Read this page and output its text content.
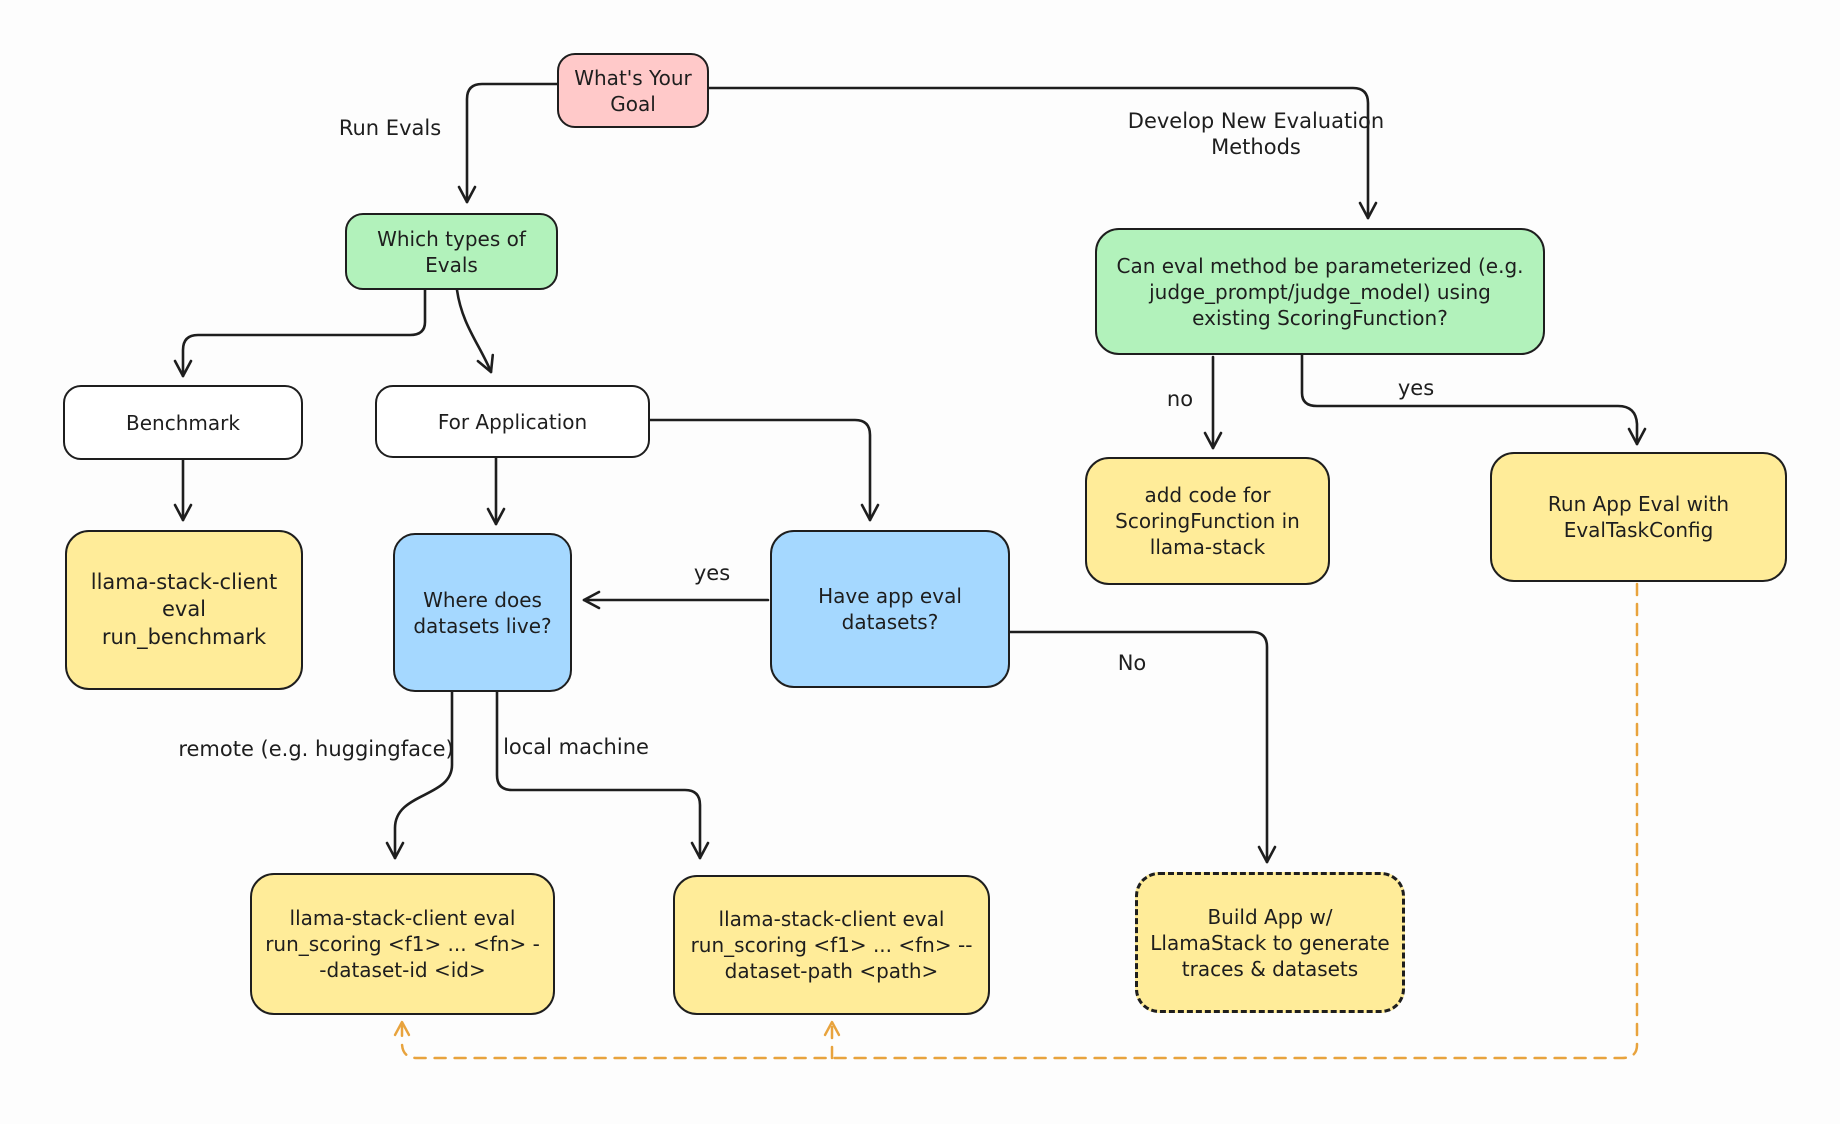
What's Your Goal
Which types of Evals
Benchmark	For Application
llama-stack-client eval run_benchmark
Where does datasets live?
Have app eval datasets?
llama-stack-client eval run_scoring <f1> ... <fn> --dataset-id <id>
llama-stack-client eval run_scoring <f1> ... <fn> --dataset-path <path>
Build App w/ LlamaStack to generate traces & datasets
Can eval method be parameterized (e.g. judge_prompt/judge_model) using existing ScoringFunction?
add code for ScoringFunction in llama-stack
Run App Eval with EvalTaskConfig
Run Evals	Develop New Evaluation Methods
no	yes
yes
No
remote (e.g. huggingface) local machine
